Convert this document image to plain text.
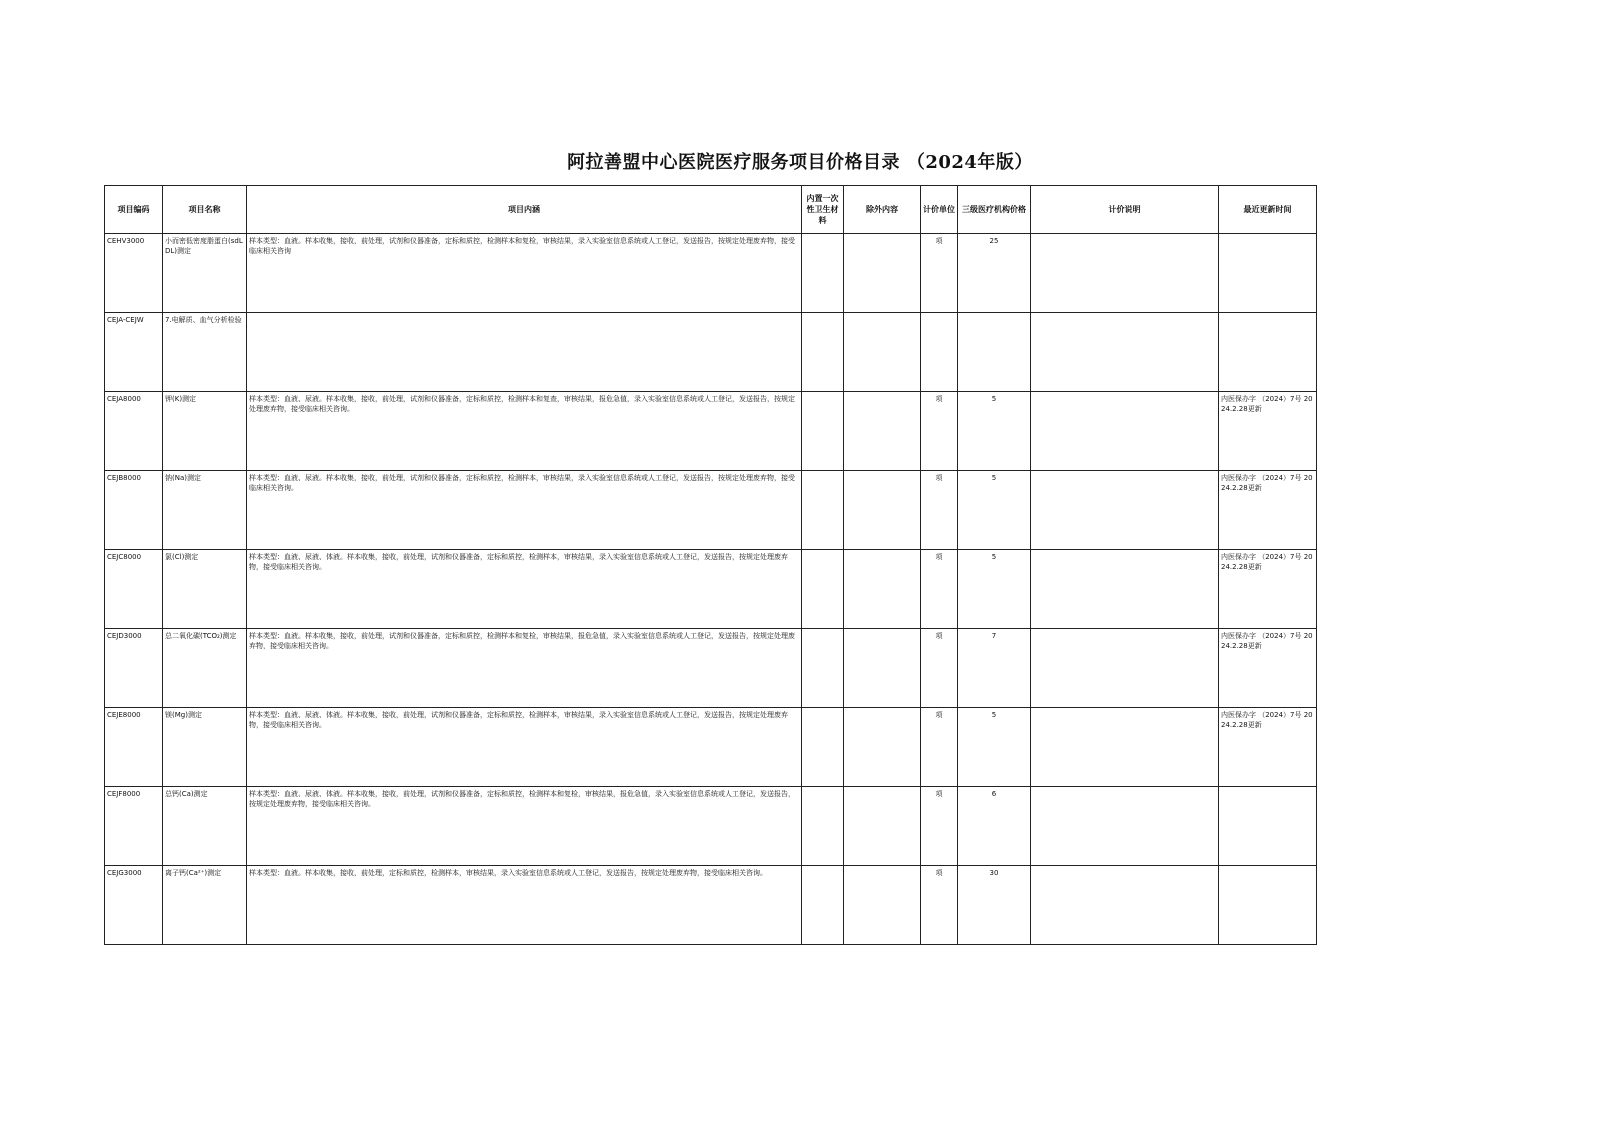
阿拉善盟中心医院医疗服务项目价格目录 （2024年版）
项目编码	项目名称	项目内涵	内置一次性卫生材料	除外内容	计价单位	三级医疗机构价格	计价说明	最近更新时间
CEHV3000	小而密低密度脂蛋白(sdLDL)测定	样本类型：血液。样本收集，接收，前处理，试剂和仪器准备，定标和质控，检测样本和复检，审核结果，录入实验室信息系统或人工登记，发送报告，按规定处理废弃物，接受临床相关咨询			项	25		
CEJA-CEJW	7.电解质、血气分析检验							
CEJA8000	钾(K)测定	样本类型：血液、尿液。样本收集，接收，前处理，试剂和仪器准备，定标和质控，检测样本和复查，审核结果，报危急值，录入实验室信息系统或人工登记，发送报告，按规定处理废弃物，接受临床相关咨询。			项	5		内医保办字 （2024）7号 2024.2.28更新
CEJB8000	钠(Na)测定	样本类型：血液、尿液。样本收集，接收，前处理，试剂和仪器准备，定标和质控，检测样本，审核结果，录入实验室信息系统或人工登记，发送报告，按规定处理废弃物，接受临床相关咨询。			项	5		内医保办字 （2024）7号 2024.2.28更新
CEJC8000	氯(Cl)测定	样本类型：血液、尿液、体液。样本收集，接收，前处理，试剂和仪器准备，定标和质控，检测样本，审核结果，录入实验室信息系统或人工登记，发送报告，按规定处理废弃物，接受临床相关咨询。			项	5		内医保办字 （2024）7号 2024.2.28更新
CEJD3000	总二氧化碳(TCO₂)测定	样本类型：血液。样本收集，接收，前处理，试剂和仪器准备，定标和质控，检测样本和复检，审核结果，报危急值，录入实验室信息系统或人工登记，发送报告，按规定处理废弃物，接受临床相关咨询。			项	7		内医保办字 （2024）7号 2024.2.28更新
CEJE8000	镁(Mg)测定	样本类型：血液、尿液、体液。样本收集，接收，前处理，试剂和仪器准备，定标和质控，检测样本，审核结果，录入实验室信息系统或人工登记，发送报告，按规定处理废弃物，接受临床相关咨询。			项	5		内医保办字 （2024）7号 2024.2.28更新
CEJF8000	总钙(Ca)测定	样本类型：血液、尿液、体液。样本收集，接收，前处理，试剂和仪器准备，定标和质控，检测样本和复检，审核结果，报危急值，录入实验室信息系统或人工登记，发送报告，按规定处理废弃物，接受临床相关咨询。			项	6		
CEJG3000	离子钙(Ca²⁺)测定	样本类型：血液。样本收集，接收，前处理，定标和质控，检测样本，审核结果，录入实验室信息系统或人工登记，发送报告，按规定处理废弃物，接受临床相关咨询。			项	30		
